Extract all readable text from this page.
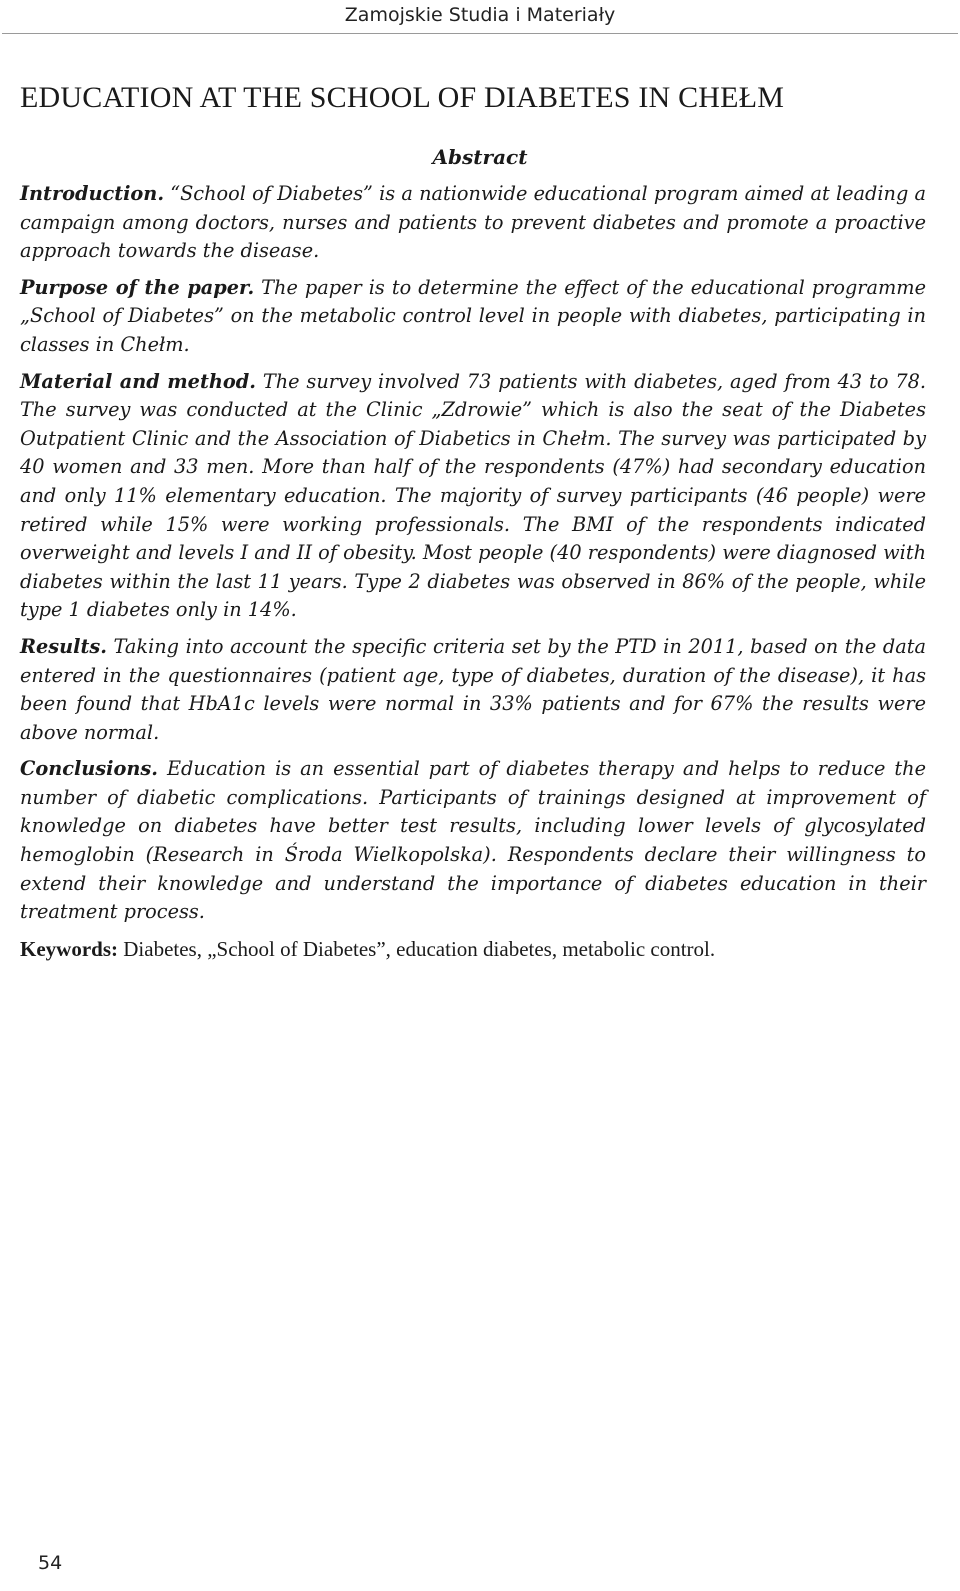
Zamojskie Studia i Materiały
EDUCATION AT THE SCHOOL OF DIABETES IN CHEŁM
Abstract

Introduction. “School of Diabetes” is a nationwide educational program aimed at leading a campaign among doctors, nurses and patients to prevent diabetes and promote a proactive approach towards the disease.

Purpose of the paper. The paper is to determine the effect of the educational programme „School of Diabetes” on the metabolic control level in people with diabetes, participating in classes in Chełm.

Material and method. The survey involved 73 patients with diabetes, aged from 43 to 78. The survey was conducted at the Clinic „Zdrowie” which is also the seat of the Diabetes Outpatient Clinic and the Association of Diabetics in Chełm. The survey was participated by 40 women and 33 men. More than half of the respondents (47%) had secondary education and only 11% elementary education. The majority of survey participants (46 people) were retired while 15% were working professionals. The BMI of the respondents indicated overweight and levels I and II of obesity. Most people (40 respondents) were diagnosed with diabetes within the last 11 years. Type 2 diabetes was observed in 86% of the people, while type 1 diabetes only in 14%.

Results. Taking into account the specific criteria set by the PTD in 2011, based on the data entered in the questionnaires (patient age, type of diabetes, duration of the disease), it has been found that HbA1c levels were normal in 33% patients and for 67% the results were above normal.

Conclusions. Education is an essential part of diabetes therapy and helps to reduce the number of diabetic complications. Participants of trainings designed at improvement of knowledge on diabetes have better test results, including lower levels of glycosylated hemoglobin (Research in Środa Wielkopolska). Respondents declare their willingness to extend their knowledge and understand the importance of diabetes education in their treatment process.

Keywords: Diabetes, „School of Diabetes”, education diabetes, metabolic control.

54
